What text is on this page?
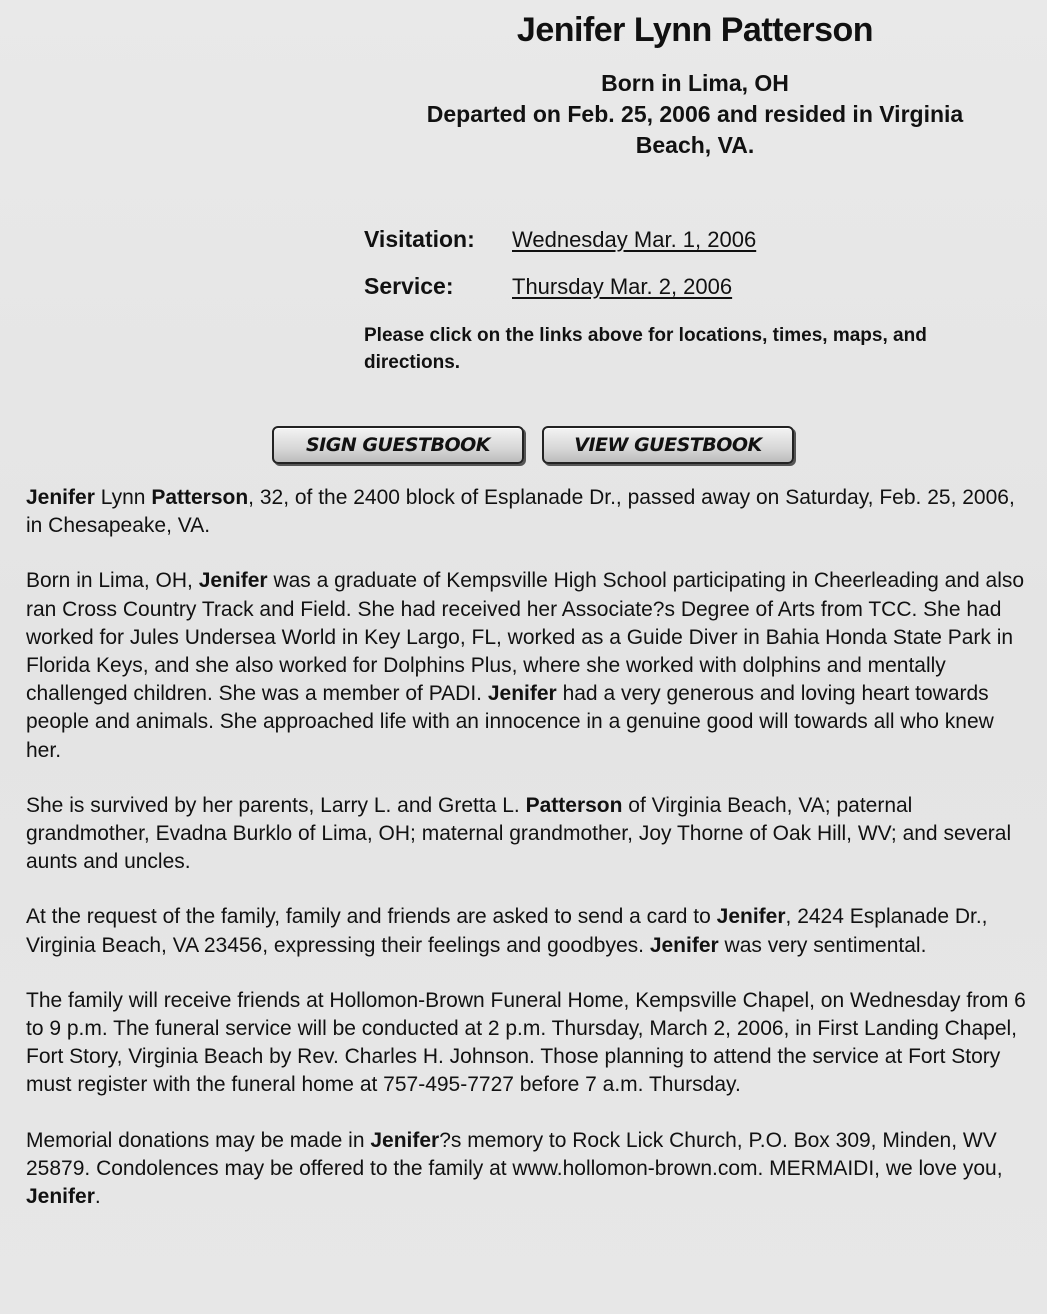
Jenifer Lynn Patterson
Born in Lima, OH
Departed on Feb. 25, 2006 and resided in Virginia
Beach, VA.
Visitation:	Wednesday Mar. 1, 2006
Service:	Thursday Mar. 2, 2006
Please click on the links above for locations, times, maps, and directions.
SIGN GUESTBOOK	VIEW GUESTBOOK

Jenifer Lynn Patterson, 32, of the 2400 block of Esplanade Dr., passed away on Saturday, Feb. 25, 2006, in Chesapeake, VA.

Born in Lima, OH, Jenifer was a graduate of Kempsville High School participating in Cheerleading and also ran Cross Country Track and Field. She had received her Associate?s Degree of Arts from TCC. She had worked for Jules Undersea World in Key Largo, FL, worked as a Guide Diver in Bahia Honda State Park in Florida Keys, and she also worked for Dolphins Plus, where she worked with dolphins and mentally challenged children. She was a member of PADI. Jenifer had a very generous and loving heart towards people and animals. She approached life with an innocence in a genuine good will towards all who knew her.

She is survived by her parents, Larry L. and Gretta L. Patterson of Virginia Beach, VA; paternal grandmother, Evadna Burklo of Lima, OH; maternal grandmother, Joy Thorne of Oak Hill, WV; and several aunts and uncles.

At the request of the family, family and friends are asked to send a card to Jenifer, 2424 Esplanade Dr., Virginia Beach, VA 23456, expressing their feelings and goodbyes. Jenifer was very sentimental.

The family will receive friends at Hollomon-Brown Funeral Home, Kempsville Chapel, on Wednesday from 6 to 9 p.m. The funeral service will be conducted at 2 p.m. Thursday, March 2, 2006, in First Landing Chapel, Fort Story, Virginia Beach by Rev. Charles H. Johnson. Those planning to attend the service at Fort Story must register with the funeral home at 757-495-7727 before 7 a.m. Thursday.

Memorial donations may be made in Jenifer?s memory to Rock Lick Church, P.O. Box 309, Minden, WV 25879. Condolences may be offered to the family at www.hollomon-brown.com. MERMAIDI, we love you, Jenifer.
